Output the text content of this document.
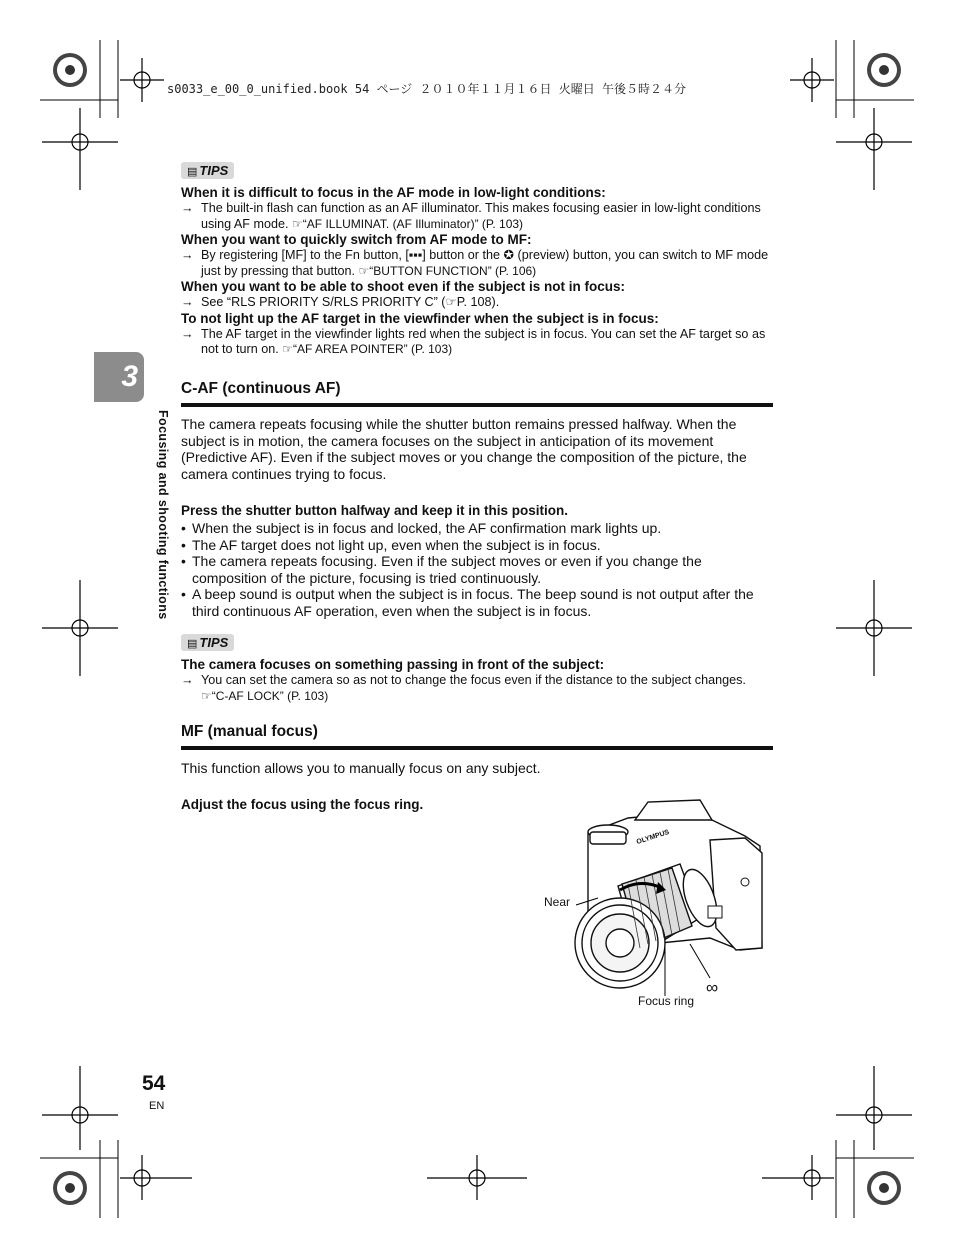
s0033_e_00_0_unified.book 54 ページ ２０１０年１１月１６日 火曜日 午後５時２４分
3
Focusing and shooting functions
▤ TIPS
When it is difficult to focus in the AF mode in low-light conditions:
→ The built-in flash can function as an AF illuminator. This makes focusing easier in low-light conditions using AF mode. ☞“AF ILLUMINAT. (AF Illuminator)” (P. 103)
When you want to quickly switch from AF mode to MF:
→ By registering [MF] to the Fn button, [▪▪▪] button or the ✪ (preview) button, you can switch to MF mode just by pressing that button. ☞“BUTTON FUNCTION” (P. 106)
When you want to be able to shoot even if the subject is not in focus:
→ See “RLS PRIORITY S/RLS PRIORITY C” (☞P. 108).
To not light up the AF target in the viewfinder when the subject is in focus:
→ The AF target in the viewfinder lights red when the subject is in focus. You can set the AF target so as not to turn on. ☞“AF AREA POINTER” (P. 103)
C-AF (continuous AF)
The camera repeats focusing while the shutter button remains pressed halfway. When the subject is in motion, the camera focuses on the subject in anticipation of its movement (Predictive AF). Even if the subject moves or you change the composition of the picture, the camera continues trying to focus.
Press the shutter button halfway and keep it in this position.
• When the subject is in focus and locked, the AF confirmation mark lights up.
• The AF target does not light up, even when the subject is in focus.
• The camera repeats focusing. Even if the subject moves or even if you change the composition of the picture, focusing is tried continuously.
• A beep sound is output when the subject is in focus. The beep sound is not output after the third continuous AF operation, even when the subject is in focus.
▤ TIPS
The camera focuses on something passing in front of the subject:
→ You can set the camera so as not to change the focus even if the distance to the subject changes. ☞“C-AF LOCK” (P. 103)
MF (manual focus)
This function allows you to manually focus on any subject.
Adjust the focus using the focus ring.
OLYMPUS
Near
∞
Focus ring
54
EN
